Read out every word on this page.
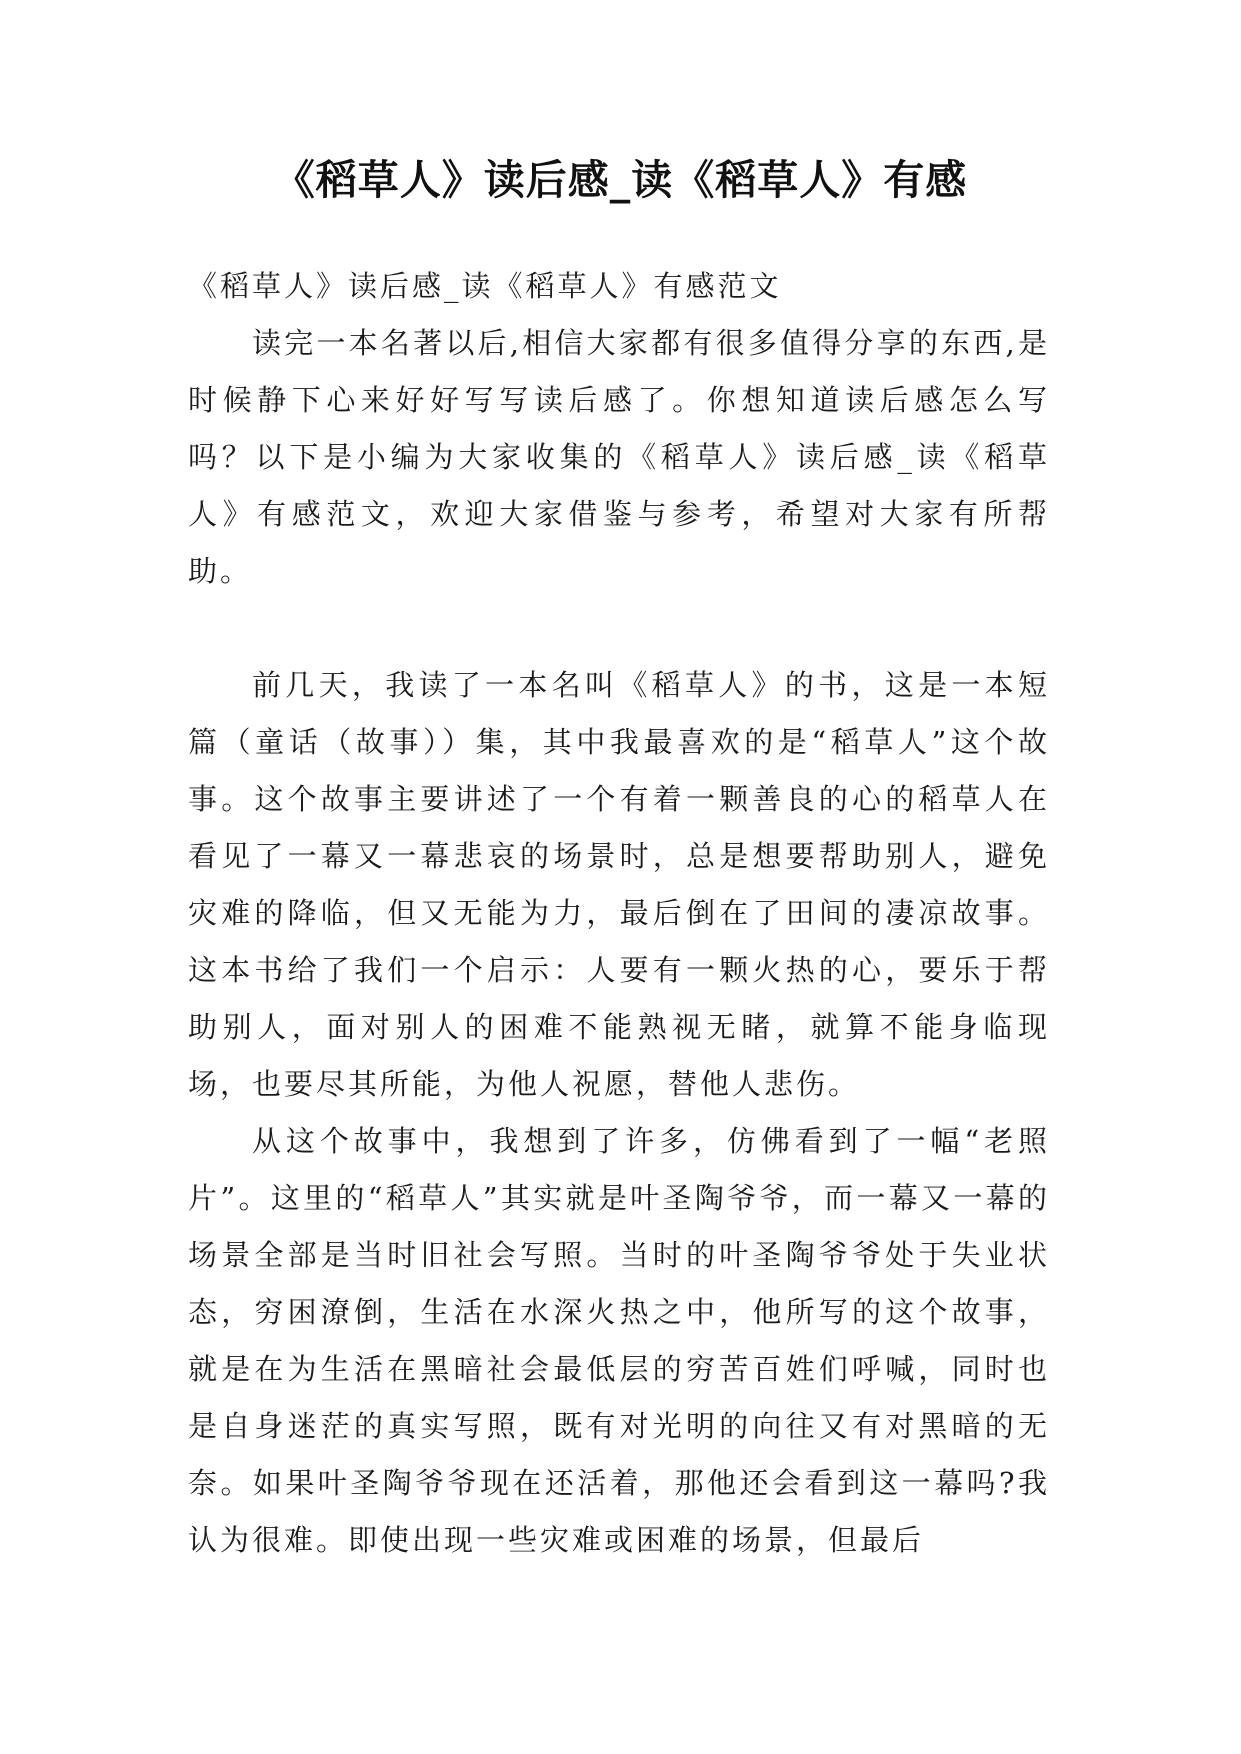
《稻草人》读后感_读《稻草人》有感

《稻草人》读后感_读《稻草人》有感范文

读完一本名著以后,相信大家都有很多值得分享的东西,是时候静下心来好好写写读后感了。你想知道读后感怎么写吗？以下是小编为大家收集的《稻草人》读后感_读《稻草人》有感范文，欢迎大家借鉴与参考，希望对大家有所帮助。

前几天，我读了一本名叫《稻草人》的书，这是一本短篇（童话（故事））集，其中我最喜欢的是“稻草人”这个故事。这个故事主要讲述了一个有着一颗善良的心的稻草人在看见了一幕又一幕悲哀的场景时，总是想要帮助别人，避免灾难的降临，但又无能为力，最后倒在了田间的凄凉故事。这本书给了我们一个启示：人要有一颗火热的心，要乐于帮助别人，面对别人的困难不能熟视无睹，就算不能身临现场，也要尽其所能，为他人祝愿，替他人悲伤。

从这个故事中，我想到了许多，仿佛看到了一幅“老照片”。这里的“稻草人”其实就是叶圣陶爷爷，而一幕又一幕的场景全部是当时旧社会写照。当时的叶圣陶爷爷处于失业状态，穷困潦倒，生活在水深火热之中，他所写的这个故事，就是在为生活在黑暗社会最低层的穷苦百姓们呼喊，同时也是自身迷茫的真实写照，既有对光明的向往又有对黑暗的无奈。如果叶圣陶爷爷现在还活着，那他还会看到这一幕吗?我认为很难。即使出现一些灾难或困难的场景，但最后
